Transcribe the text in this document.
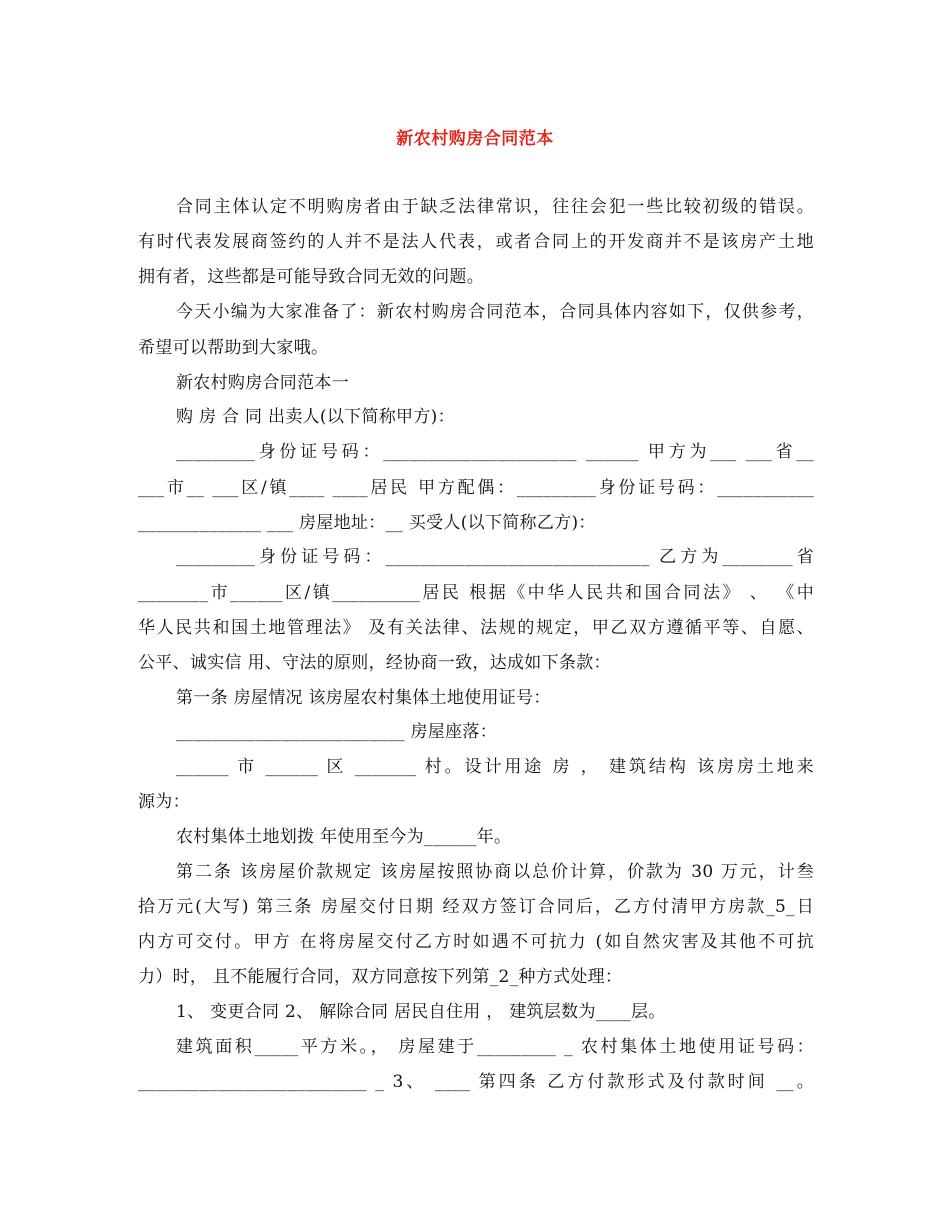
新农村购房合同范本
合同主体认定不明购房者由于缺乏法律常识，往往会犯一些比较初级的错误。
有时代表发展商签约的人并不是法人代表，或者合同上的开发商并不是该房产土地
拥有者，这些都是可能导致合同无效的问题。
今天小编为大家准备了：新农村购房合同范本，合同具体内容如下，仅供参考，
希望可以帮助到大家哦。
新农村购房合同范本一
购 房 合 同 出卖人(以下简称甲方)：
_________身份证号码：______________________ ______ 甲方为___ ___省__
___市__ ___区/镇____ ____居民 甲方配偶：_________身份证号码：___________
______________ ___ 房屋地址：__ 买受人(以下简称乙方)：
_________身份证号码：______________________________ 乙方为________省
________市______区/镇__________居民 根据《中华人民共和国合同法》 、 《中
华人民共和国土地管理法》 及有关法律、法规的规定，甲乙双方遵循平等、自愿、
公平、诚实信 用、守法的原则，经协商一致，达成如下条款：
第一条 房屋情况 该房屋农村集体土地使用证号：
__________________________ 房屋座落：
______ 市 ______ 区 _______ 村。设计用途 房 ， 建筑结构 该房房土地来
源为：
农村集体土地划拨 年使用至今为______年。
第二条 该房屋价款规定 该房屋按照协商以总价计算，价款为 30 万元，计叁
拾万元(大写) 第三条 房屋交付日期 经双方签订合同后，乙方付清甲方房款_5_日
内方可交付。甲方 在将房屋交付乙方时如遇不可抗力 (如自然灾害及其他不可抗
力）时， 且不能履行合同，双方同意按下列第_2_种方式处理：
1、 变更合同 2、 解除合同 居民自住用 ， 建筑层数为____层。
建筑面积_____平方米。， 房屋建于_________ _ 农村集体土地使用证号码：
__________________________ _ 3、 ____ 第四条 乙方付款形式及付款时间 __。
